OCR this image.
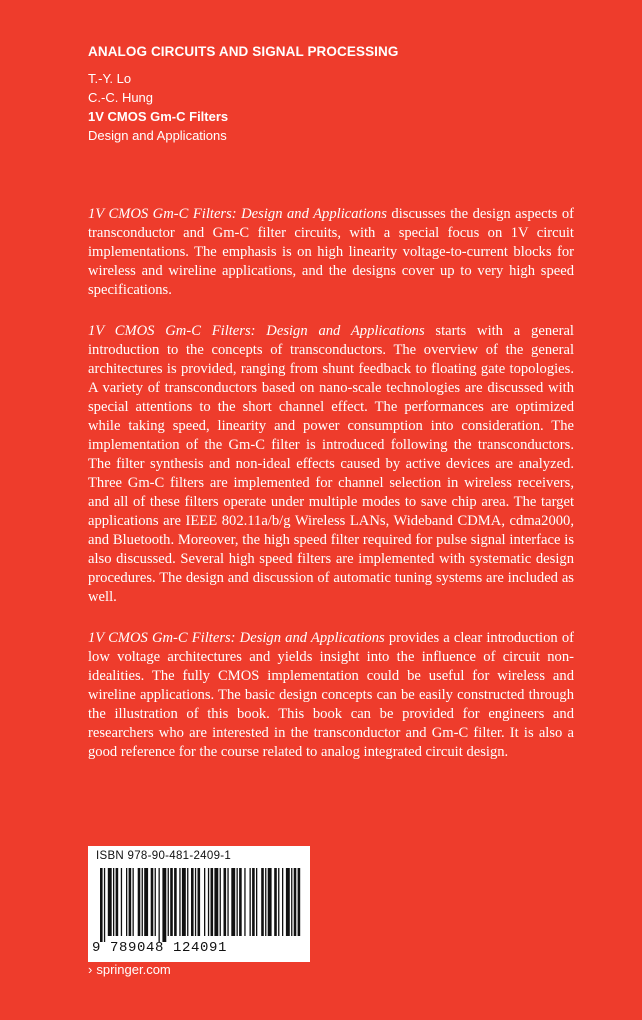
ANALOG CIRCUITS AND SIGNAL PROCESSING
T.-Y. Lo
C.-C. Hung
1V CMOS Gm-C Filters
Design and Applications

1V CMOS Gm-C Filters: Design and Applications discusses the design aspects of transconductor and Gm-C filter circuits, with a special focus on 1V circuit implementations. The emphasis is on high linearity voltage-to-current blocks for wireless and wireline applications, and the designs cover up to very high speed specifications.

1V CMOS Gm-C Filters: Design and Applications starts with a general introduction to the concepts of transconductors. The overview of the general architectures is provided, ranging from shunt feedback to floating gate topologies. A variety of transconductors based on nano-scale technologies are discussed with special attentions to the short channel effect. The performances are optimized while taking speed, linearity and power consumption into consideration. The implementation of the Gm-C filter is introduced following the transconductors. The filter synthesis and non-ideal effects caused by active devices are analyzed. Three Gm-C filters are implemented for channel selection in wireless receivers, and all of these filters operate under multiple modes to save chip area. The target applications are IEEE 802.11a/b/g Wireless LANs, Wideband CDMA, cdma2000, and Bluetooth. Moreover, the high speed filter required for pulse signal interface is also discussed. Several high speed filters are implemented with systematic design procedures. The design and discussion of automatic tuning systems are included as well.

1V CMOS Gm-C Filters: Design and Applications provides a clear introduction of low voltage architectures and yields insight into the influence of circuit non-idealities. The fully CMOS implementation could be useful for wireless and wireline applications. The basic design concepts can be easily constructed through the illustration of this book. This book can be provided for engineers and researchers who are interested in the transconductor and Gm-C filter. It is also a good reference for the course related to analog integrated circuit design.

ISBN 978-90-481-2409-1
9 789048 124091
› springer.com
